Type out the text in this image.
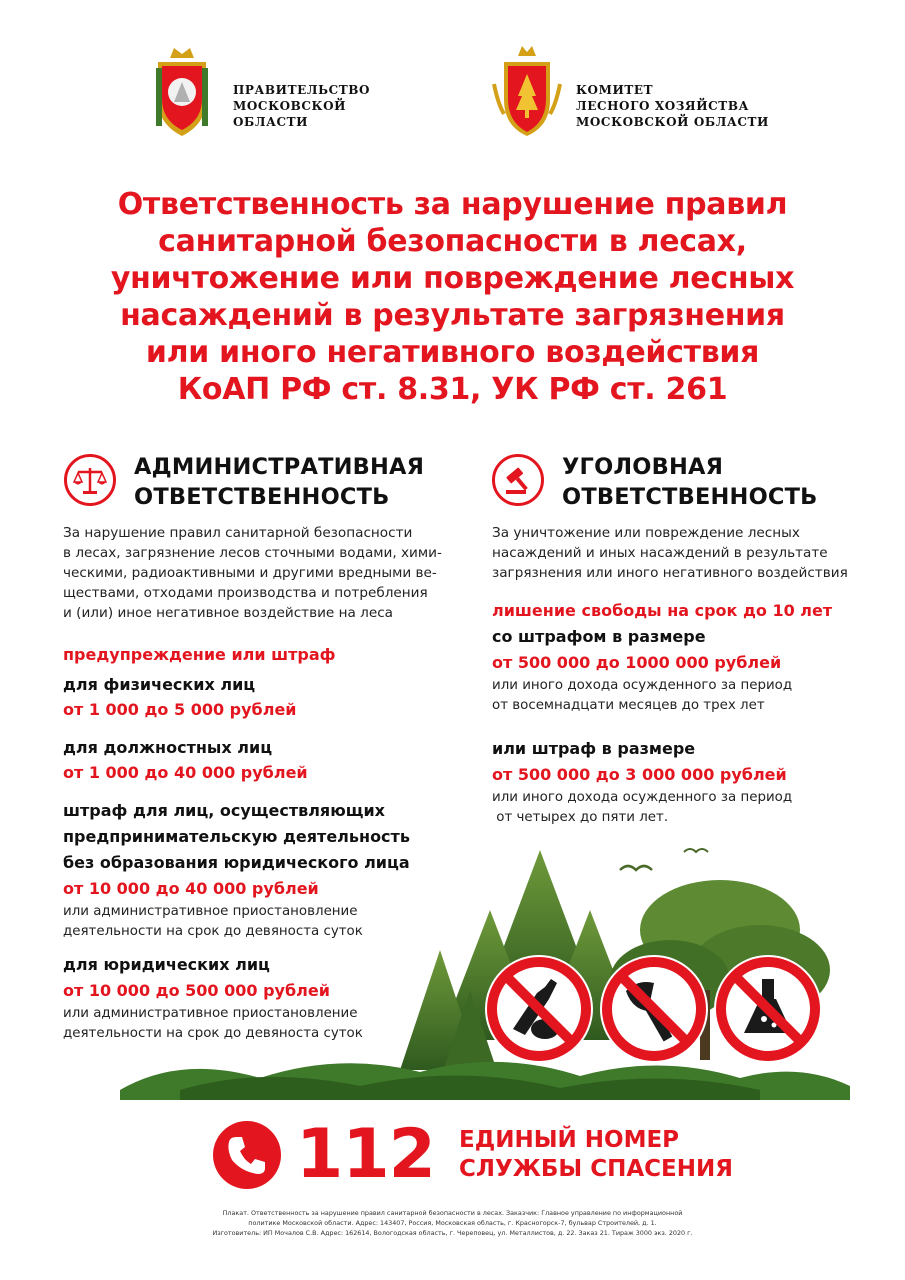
ПРАВИТЕЛЬСТВО
МОСКОВСКОЙ
ОБЛАСТИ
КОМИТЕТ
ЛЕСНОГО ХОЗЯЙСТВА
МОСКОВСКОЙ ОБЛАСТИ
Ответственность за нарушение правил
санитарной безопасности в лесах,
уничтожение или повреждение лесных
насаждений в результате загрязнения
или иного негативного воздействия
КоАП РФ ст. 8.31, УК РФ ст. 261
АДМИНИСТРАТИВНАЯ
ОТВЕТСТВЕННОСТЬ
УГОЛОВНАЯ
ОТВЕТСТВЕННОСТЬ
За нарушение правил санитарной безопасности
в лесах, загрязнение лесов сточными водами, хими-
ческими, радиоактивными и другими вредными ве-
ществами, отходами производства и потребления
и (или) иное негативное воздействие на леса
За уничтожение или повреждение лесных
насаждений и иных насаждений в результате
загрязнения или иного негативного воздействия
предупреждение или штраф
для физических лиц
от 1 000 до 5 000 рублей
для должностных лиц
от 1 000 до 40 000 рублей
штраф для лиц, осуществляющих
предпринимательскую деятельность
без образования юридического лица
от 10 000 до 40 000 рублей
или административное приостановление
деятельности на срок до девяноста суток
для юридических лиц
от 10 000 до 500 000 рублей
или административное приостановление
деятельности на срок до девяноста суток
лишение свободы на срок до 10 лет
со штрафом в размере
от 500 000 до 1000 000 рублей
или иного дохода осужденного за период
от восемнадцати месяцев до трех лет
или штраф в размере
от 500 000 до 3 000 000 рублей
или иного дохода осужденного за период
от четырех до пяти лет.
112 ЕДИНЫЙ НОМЕР
СЛУЖБЫ СПАСЕНИЯ
Плакат. Ответственность за нарушение правил санитарной безопасности в лесах. Заказчик: Главное управление по информационной
политике Московской области. Адрес: 143407, Россия, Московская область, г. Красногорск-7, бульвар Строителей, д. 1.
Изготовитель: ИП Мочалов С.В. Адрес: 162614, Вологодская область, г. Череповец, ул. Металлистов, д. 22. Заказ 21. Тираж 3000 экз. 2020 г.
